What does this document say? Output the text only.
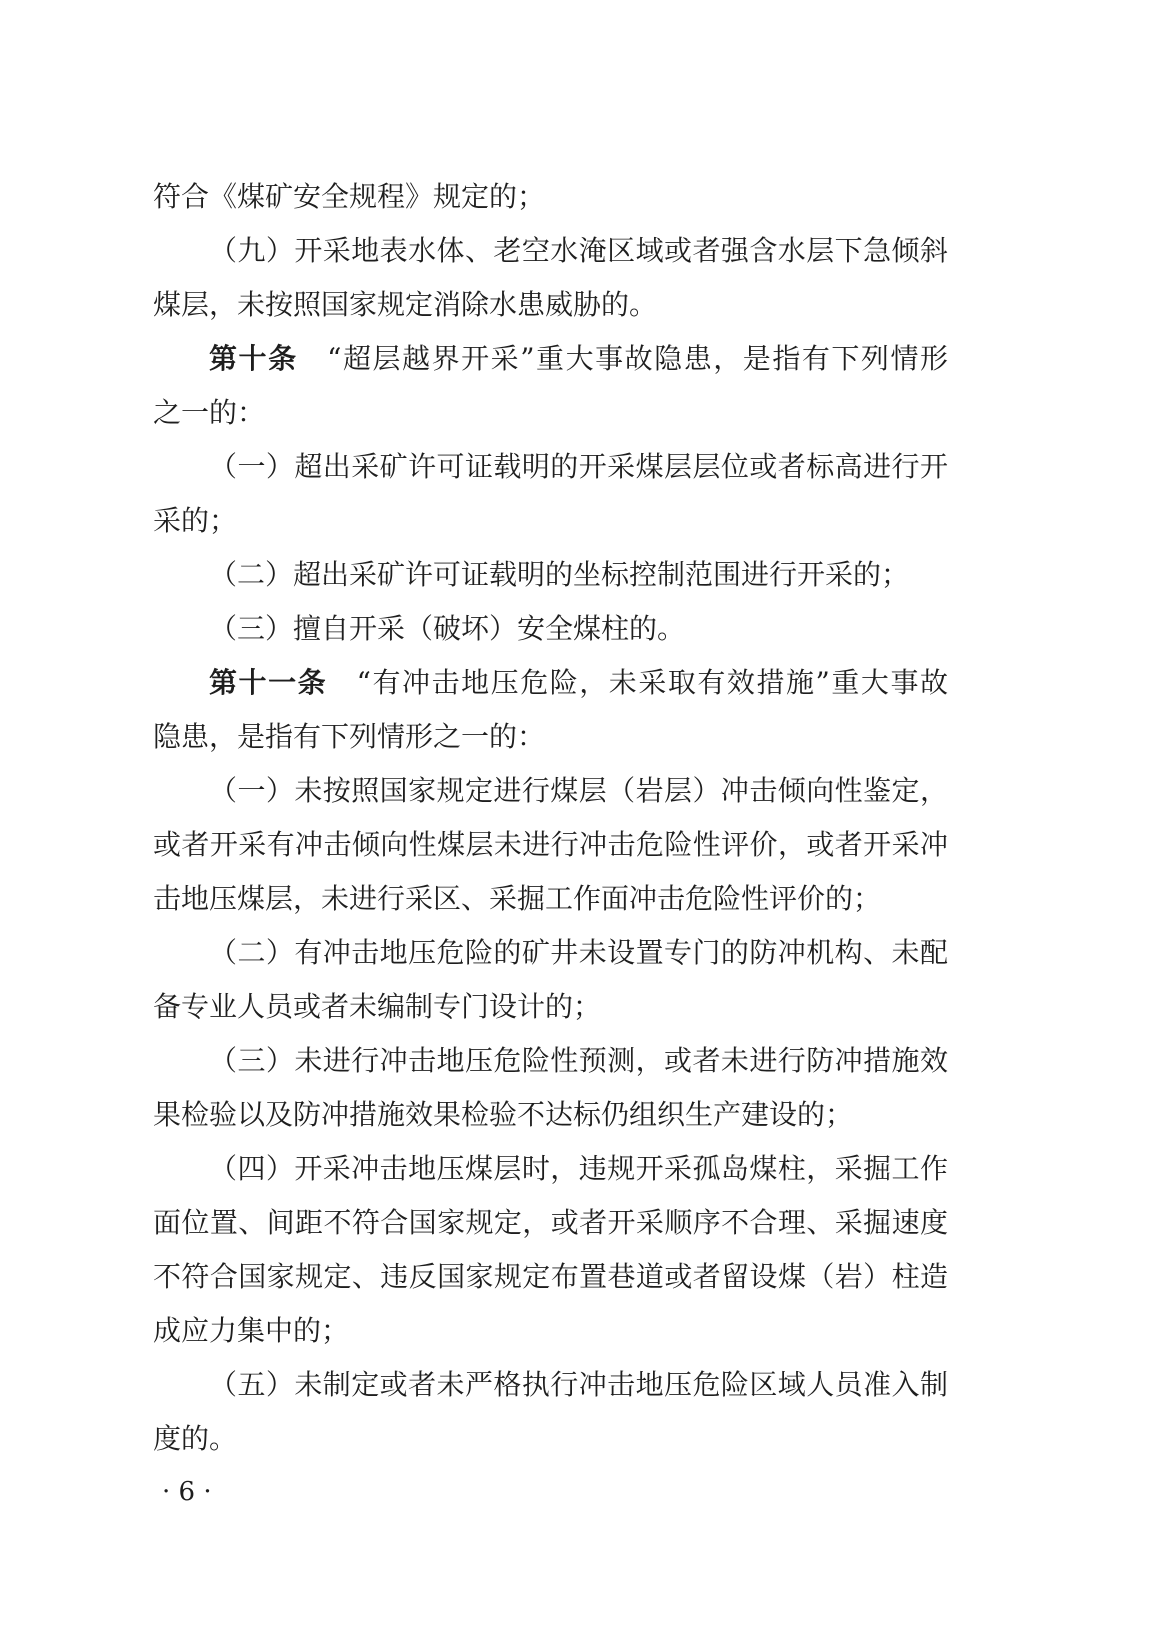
符合《煤矿安全规程》规定的；
（九）开采地表水体、老空水淹区域或者强含水层下急倾斜
煤层，未按照国家规定消除水患威胁的。
第十条　“超层越界开采”重大事故隐患，是指有下列情形
之一的：
（一）超出采矿许可证载明的开采煤层层位或者标高进行开
采的；
（二）超出采矿许可证载明的坐标控制范围进行开采的；
（三）擅自开采（破坏）安全煤柱的。
第十一条　“有冲击地压危险，未采取有效措施”重大事故
隐患，是指有下列情形之一的：
（一）未按照国家规定进行煤层（岩层）冲击倾向性鉴定，
或者开采有冲击倾向性煤层未进行冲击危险性评价，或者开采冲
击地压煤层，未进行采区、采掘工作面冲击危险性评价的；
（二）有冲击地压危险的矿井未设置专门的防冲机构、未配
备专业人员或者未编制专门设计的；
（三）未进行冲击地压危险性预测，或者未进行防冲措施效
果检验以及防冲措施效果检验不达标仍组织生产建设的；
（四）开采冲击地压煤层时，违规开采孤岛煤柱，采掘工作
面位置、间距不符合国家规定，或者开采顺序不合理、采掘速度
不符合国家规定、违反国家规定布置巷道或者留设煤（岩）柱造
成应力集中的；
（五）未制定或者未严格执行冲击地压危险区域人员准入制
度的。
· 6 ·
